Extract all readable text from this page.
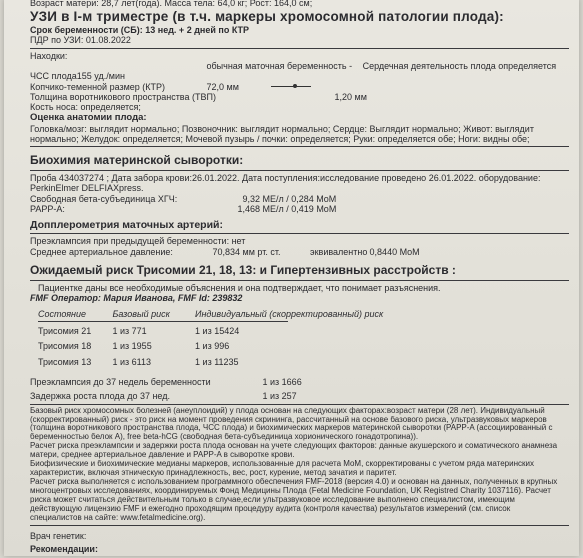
Возраст матери: 28,7 лет(года). Масса тела: 64,0 кг; Рост: 164,0 см;
УЗИ в I-м триместре (в т.ч. маркеры хромосомной патологии плода):
Срок беременности (СБ): 13 нед. + 2 дней по КТР
ПДР по УЗИ: 01.08.2022
Находки:
обычная маточная беременность - Сердечная деятельность плода определяется
ЧСС плода155 уд./мин
Копчико-теменной размер (КТР)	72,0 мм
Толщина воротникового пространства (ТВП)	1,20 мм
Кость носа: определяется;
Оценка анатомии плода:
Головка/мозг: выглядит нормально; Позвоночник: выглядит нормально; Сердце: Выглядит нормально; Живот: выглядит
нормально; Желудок: определяется; Мочевой пузырь / почки: определяется; Руки: определяется обе; Ноги: видны обе;
Биохимия материнской сыворотки:
Проба 434037274 ; Дата забора крови:26.01.2022. Дата поступления:исследование проведено 26.01.2022. оборудование:
PerkinElmer DELFIAXpress.
Свободная бета-субъединица ХГЧ:	9,32 ME/л / 0,284 MoM
PAPP-A:	1,468 ME/л / 0,419 MoM
Допплерометрия маточных артерий:
Преэклампсия при предыдущей беременности: нет
Среднее артериальное давление:	70,834 мм рт. ст.	эквивалентно 0,8440 MoM
Ожидаемый риск Трисомии 21, 18, 13: и Гипертензивных расстройств :
Пациентке даны все необходимые объяснения и она подтверждает, что понимает разъяснения.
FMF Оператор: Мария Иванова, FMF Id: 239832
Состояние	Базовый риск	Индивидуальный (скорректированный) риск
Трисомия 21 1 из 771	1 из 15424
Трисомия 18 1 из 1955	1 из 996
Трисомия 13 1 из 6113	1 из 11235
Преэклампсия до 37 недель беременности	1 из 1666
Задержка роста плода до 37 нед.	1 из 257
Базовый риск хромосомных болезней (анеуплоидий) у плода основан на следующих факторах:возраст матери (28 лет). Индивидуальный
(скорректированный) риск - это риск на момент проведения скрининга, рассчитанный на основе базового риска, ультразвуковых маркеров
(толщина воротникового пространства плода, ЧСС плода) и биохимических маркеров материнской сыворотки (PAPP-A (ассоциированный с
беременностью белок А), free beta-hCG (свободная бета-субъединица хорионического гонадотропина)).
Расчет риска преэклампсии и задержки роста плода основан на учете следующих факторов: данные акушерского и соматического анамнеза
матери, среднее артериальное давление и PAPP-A в сыворотке крови.
Биофизические и биохимические медианы маркеров, использованные для расчета MoM, скорректированы с учетом ряда материнских
характеристик, включая этническую принадлежность, вес, рост, курение, метод зачатия и паритет.
Расчет риска выполняется с использованием программного обеспечения FMF-2018 (версия 4.0) и основан на данных, полученных в крупных
многоцентровых исследованиях, координируемых Фонд Медицины Плода (Fetal Medicine Foundation, UK Registred Charity 1037116). Расчет
риска может считаться действительным только в случае,если ультразвуковое исследование выполнено специалистом, имеющим
действующую лицензию FMF и ежегодно проходящим процедуру аудита (контроля качества) результатов измерений (см. список
специалистов на сайте: www.fetalmedicine.org).
Врач генетик:
Рекомендации:
